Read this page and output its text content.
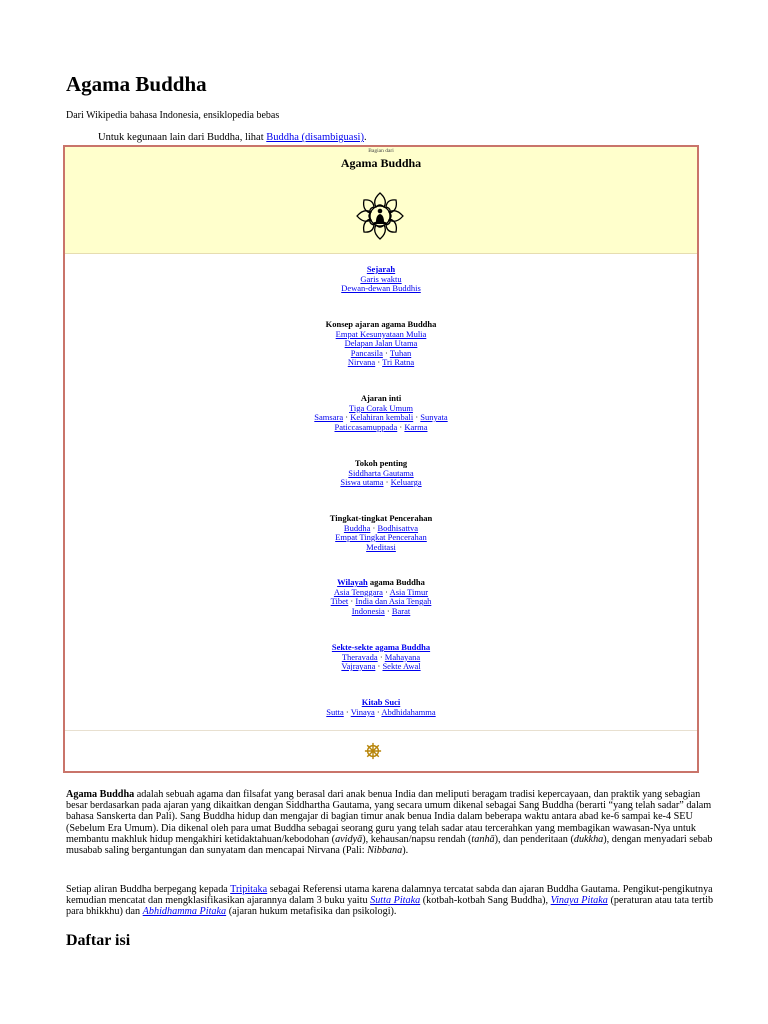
Agama Buddha
Dari Wikipedia bahasa Indonesia, ensiklopedia bebas
Untuk kegunaan lain dari Buddha, lihat Buddha (disambiguasi).
Bagian dari
Agama Buddha
Sejarah
Garis waktu
Dewan-dewan Buddhis
Konsep ajaran agama Buddha
Empat Kesunyataan Mulia
Delapan Jalan Utama
Pancasila · Tuhan
Nirvana · Tri Ratna
Ajaran inti
Tiga Corak Umum
Samsara · Kelahiran kembali · Sunyata
Paticcasamuppada · Karma
Tokoh penting
Siddharta Gautama
Siswa utama · Keluarga
Tingkat-tingkat Pencerahan
Buddha · Bodhisattva
Empat Tingkat Pencerahan
Meditasi
Wilayah agama Buddha
Asia Tenggara · Asia Timur
Tibet · India dan Asia Tengah
Indonesia · Barat
Sekte-sekte agama Buddha
Theravada · Mahayana
Vajrayana · Sekte Awal
Kitab Suci
Sutta · Vinaya · Abdhidahamma

Agama Buddha adalah sebuah agama dan filsafat yang berasal dari anak benua India dan meliputi beragam tradisi kepercayaan, dan praktik yang sebagian besar berdasarkan pada ajaran yang dikaitkan dengan Siddhartha Gautama, yang secara umum dikenal sebagai Sang Buddha (berarti “yang telah sadar” dalam bahasa Sanskerta dan Pali). Sang Buddha hidup dan mengajar di bagian timur anak benua India dalam beberapa waktu antara abad ke-6 sampai ke-4 SEU (Sebelum Era Umum). Dia dikenal oleh para umat Buddha sebagai seorang guru yang telah sadar atau tercerahkan yang membagikan wawasan-Nya untuk membantu makhluk hidup mengakhiri ketidaktahuan/kebodohan (avidyā), kehausan/napsu rendah (tanhā), dan penderitaan (dukkha), dengan menyadari sebab musabab saling bergantungan dan sunyatam dan mencapai Nirvana (Pali: Nibbana).

Setiap aliran Buddha berpegang kepada Tripitaka sebagai Referensi utama karena dalamnya tercatat sabda dan ajaran Buddha Gautama. Pengikut-pengikutnya kemudian mencatat dan mengklasifikasikan ajarannya dalam 3 buku yaitu Sutta Pitaka (kotbah-kotbah Sang Buddha), Vinaya Pitaka (peraturan atau tata tertib para bhikkhu) dan Abhidhamma Pitaka (ajaran hukum metafisika dan psikologi).

Daftar isi
